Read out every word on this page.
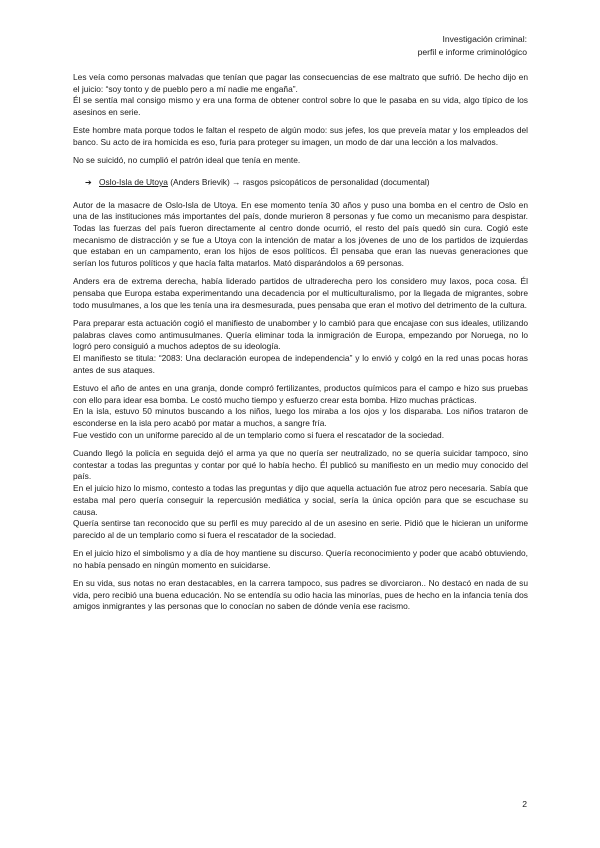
Investigación criminal:
perfil e informe criminológico

Les veía como personas malvadas que tenían que pagar las consecuencias de ese maltrato que sufrió. De hecho dijo en el juicio: “soy tonto y de pueblo pero a mí nadie me engaña”.

Él se sentía mal consigo mismo y era una forma de obtener control sobre lo que le pasaba en su vida, algo típico de los asesinos en serie.

Este hombre mata porque todos le faltan el respeto de algún modo: sus jefes, los que preveía matar y los empleados del banco. Su acto de ira homicida es eso, furia para proteger su imagen, un modo de dar una lección a los malvados.

No se suicidó, no cumplió el patrón ideal que tenía en mente.

➔ Oslo-Isla de Utoya (Anders Brievik) → rasgos psicopáticos de personalidad (documental)

Autor de la masacre de Oslo-Isla de Utoya. En ese momento tenía 30 años y puso una bomba en el centro de Oslo en una de las instituciones más importantes del país, donde murieron 8 personas y fue como un mecanismo para despistar. Todas las fuerzas del país fueron directamente al centro donde ocurrió, el resto del país quedó sin cura. Cogió este mecanismo de distracción y se fue a Utoya con la intención de matar a los jóvenes de uno de los partidos de izquierdas que estaban en un campamento, eran los hijos de esos políticos. Él pensaba que eran las nuevas generaciones que serían los futuros políticos y que hacía falta matarlos. Mató disparándolos a 69 personas.

Anders era de extrema derecha, había liderado partidos de ultraderecha pero los considero muy laxos, poca cosa. Él pensaba que Europa estaba experimentando una decadencia por el multiculturalismo, por la llegada de migrantes, sobre todo musulmanes, a los que les tenía una ira desmesurada, pues pensaba que eran el motivo del detrimento de la cultura.

Para preparar esta actuación cogió el manifiesto de unabomber y lo cambió para que encajase con sus ideales, utilizando palabras claves como antimusulmanes. Quería eliminar toda la inmigración de Europa, empezando por Noruega, no lo logró pero consiguió a muchos adeptos de su ideología.

El manifiesto se titula: “2083: Una declaración europea de independencia” y lo envió y colgó en la red unas pocas horas antes de sus ataques.

Estuvo el año de antes en una granja, donde compró fertilizantes, productos químicos para el campo e hizo sus pruebas con ello para idear esa bomba. Le costó mucho tiempo y esfuerzo crear esta bomba. Hizo muchas prácticas.

En la isla, estuvo 50 minutos buscando a los niños, luego los miraba a los ojos y los disparaba. Los niños trataron de esconderse en la isla pero acabó por matar a muchos, a sangre fría.

Fue vestido con un uniforme parecido al de un templario como si fuera el rescatador de la sociedad.

Cuando llegó la policía en seguida dejó el arma ya que no quería ser neutralizado, no se quería suicidar tampoco, sino contestar a todas las preguntas y contar por qué lo había hecho. Él publicó su manifiesto en un medio muy conocido del país.

En el juicio hizo lo mismo, contesto a todas las preguntas y dijo que aquella actuación fue atroz pero necesaria. Sabía que estaba mal pero quería conseguir la repercusión mediática y social, sería la única opción para que se escuchase su causa.

Quería sentirse tan reconocido que su perfil es muy parecido al de un asesino en serie. Pidió que le hicieran un uniforme parecido al de un templario como si fuera el rescatador de la sociedad.

En el juicio hizo el simbolismo y a día de hoy mantiene su discurso. Quería reconocimiento y poder que acabó obtuviendo, no había pensado en ningún momento en suicidarse.

En su vida, sus notas no eran destacables, en la carrera tampoco, sus padres se divorciaron.. No destacó en nada de su vida, pero recibió una buena educación. No se entendía su odio hacia las minorías, pues de hecho en la infancia tenía dos amigos inmigrantes y las personas que lo conocían no saben de dónde venía ese racismo.

2
